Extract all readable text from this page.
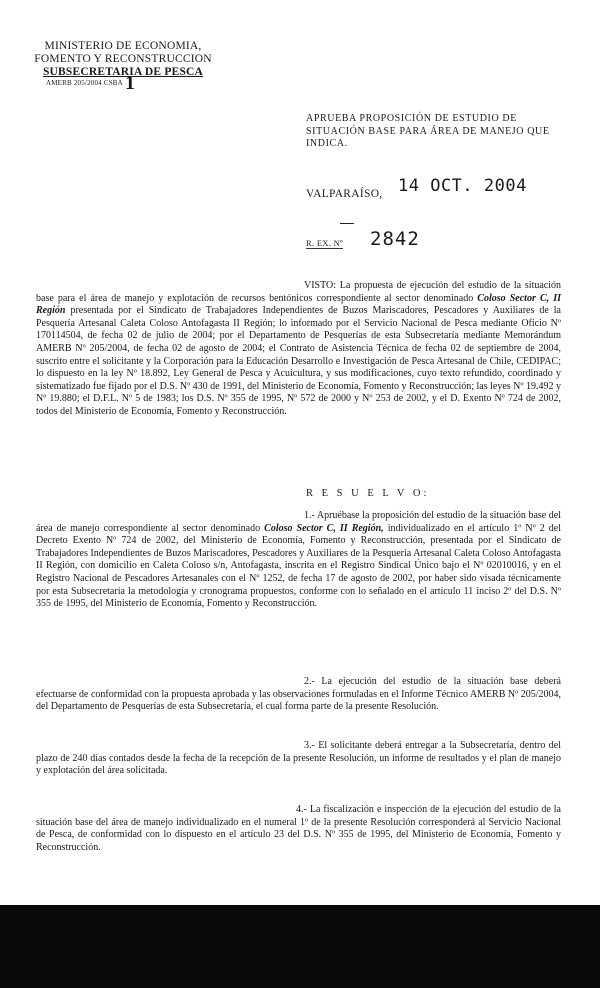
MINISTERIO DE ECONOMIA,
FOMENTO Y RECONSTRUCCION
SUBSECRETARIA DE PESCA
AMERB 205/2004 CSBA 1
APRUEBA PROPOSICIÓN DE ESTUDIO DE SITUACIÓN BASE PARA ÁREA DE MANEJO QUE INDICA.
14 OCT. 2004
VALPARAÍSO,
R. EX. Nº 2842

VISTO: La propuesta de ejecución del estudio de la situación base para el área de manejo y explotación de recursos bentónicos correspondiente al sector denominado Coloso Sector C, II Región presentada por el Sindicato de Trabajadores Independientes de Buzos Mariscadores, Pescadores y Auxiliares de la Pesquería Artesanal Caleta Coloso Antofagasta II Región; lo informado por el Servicio Nacional de Pesca mediante Oficio Nº 170114504, de fecha 02 de julio de 2004; por el Departamento de Pesquerías de esta Subsecretaría mediante Memorándum AMERB Nº 205/2004, de fecha 02 de agosto de 2004; el Contrato de Asistencia Técnica de fecha 02 de septiembre de 2004, suscrito entre el solicitante y la Corporación para la Educación Desarrollo e Investigación de Pesca Artesanal de Chile, CEDIPAC; lo dispuesto en la ley Nº 18.892, Ley General de Pesca y Acuicultura, y sus modificaciones, cuyo texto refundido, coordinado y sistematizado fue fijado por el D.S. Nº 430 de 1991, del Ministerio de Economía, Fomento y Reconstrucción; las leyes Nº 19.492 y Nº 19.880; el D.F.L. Nº 5 de 1983; los D.S. Nº 355 de 1995, Nº 572 de 2000 y Nº 253 de 2002, y el D. Exento Nº 724 de 2002, todos del Ministerio de Economía, Fomento y Reconstrucción.

R E S U E L V O:

1.- Apruébase la proposición del estudio de la situación base del área de manejo correspondiente al sector denominado Coloso Sector C, II Región, individualizado en el artículo 1º Nº 2 del Decreto Exento Nº 724 de 2002, del Ministerio de Economía, Fomento y Reconstrucción, presentada por el Sindicato de Trabajadores Independientes de Buzos Mariscadores, Pescadores y Auxiliares de la Pesquería Artesanal Caleta Coloso Antofagasta II Región, con domicilio en Caleta Coloso s/n, Antofagasta, inscrita en el Registro Sindical Único bajo el Nº 02010016, y en el Registro Nacional de Pescadores Artesanales con el Nº 1252, de fecha 17 de agosto de 2002, por haber sido visada técnicamente por esta Subsecretaría la metodología y cronograma propuestos, conforme con lo señalado en el artículo 11 inciso 2º del D.S. Nº 355 de 1995, del Ministerio de Economía, Fomento y Reconstrucción.

2.- La ejecución del estudio de la situación base deberá efectuarse de conformidad con la propuesta aprobada y las observaciones formuladas en el Informe Técnico AMERB Nº 205/2004, del Departamento de Pesquerías de esta Subsecretaría, el cual forma parte de la presente Resolución.

3.- El solicitante deberá entregar a la Subsecretaría, dentro del plazo de 240 días contados desde la fecha de la recepción de la presente Resolución, un informe de resultados y el plan de manejo y explotación del área solicitada.

4.- La fiscalización e inspección de la ejecución del estudio de la situación base del área de manejo individualizado en el numeral 1º de la presente Resolución corresponderá al Servicio Nacional de Pesca, de conformidad con lo dispuesto en el artículo 23 del D.S. Nº 355 de 1995, del Ministerio de Economía, Fomento y Reconstrucción.
